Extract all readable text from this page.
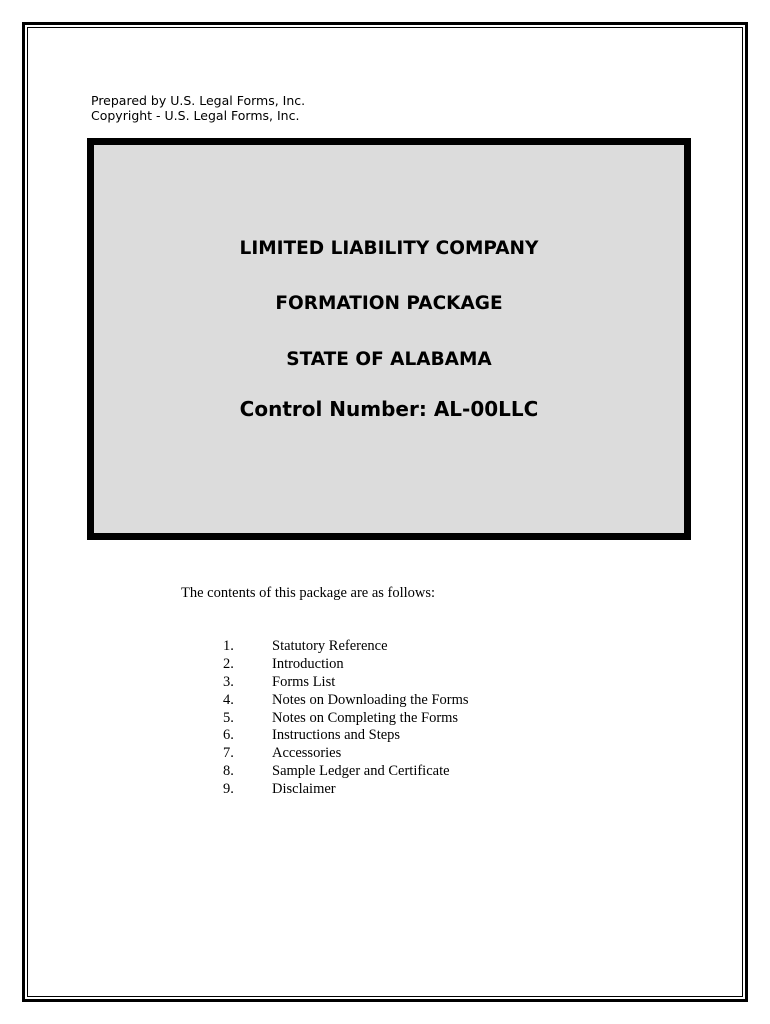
Prepared by U.S. Legal Forms, Inc.
Copyright - U.S. Legal Forms, Inc.
LIMITED LIABILITY COMPANY
FORMATION PACKAGE
STATE OF ALABAMA
Control Number: AL-00LLC
The contents of this package are as follows:
1.	Statutory Reference
2.	Introduction
3.	Forms List
4.	Notes on Downloading the Forms
5.	Notes on Completing the Forms
6.	Instructions and Steps
7.	Accessories
8.	Sample Ledger and Certificate
9.	Disclaimer
